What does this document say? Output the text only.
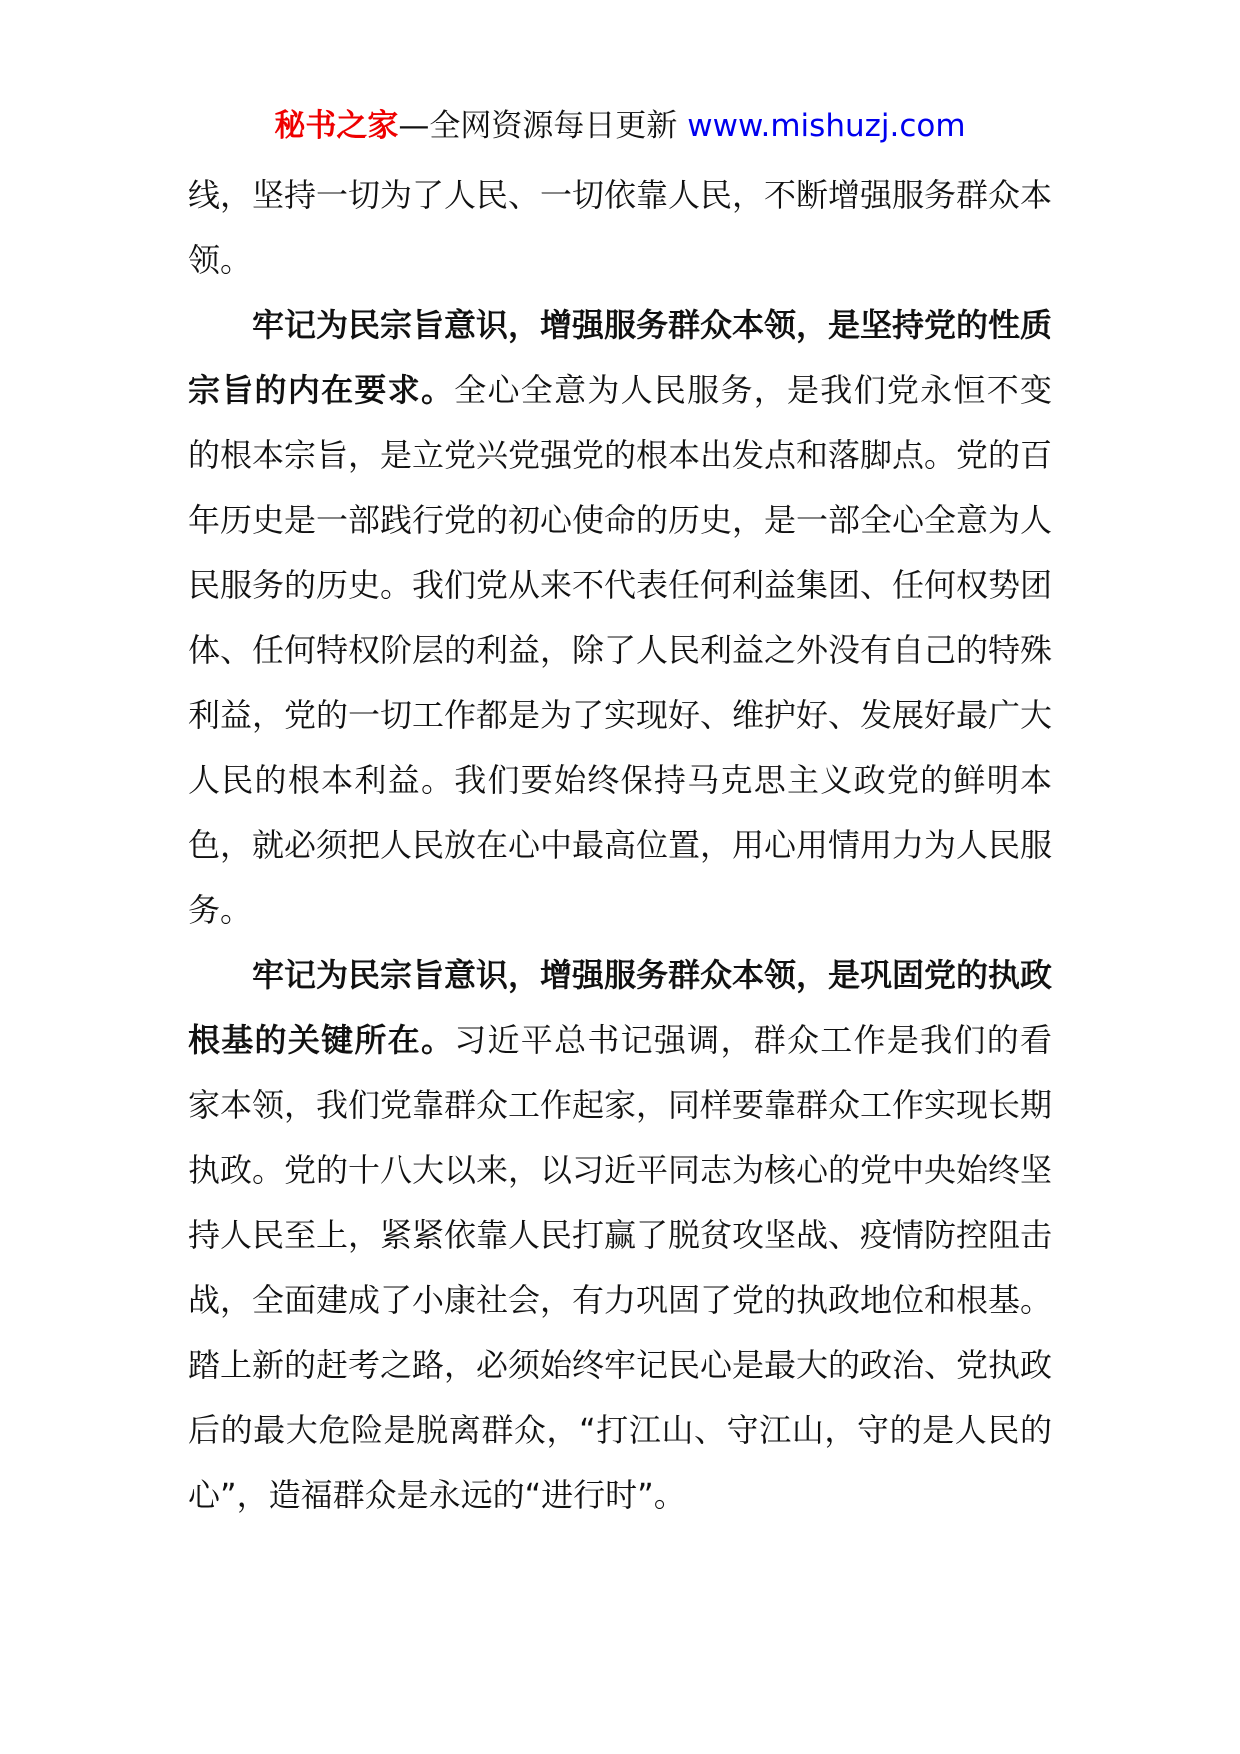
秘书之家—全网资源每日更新 www.mishuzj.com

线，坚持一切为了人民、一切依靠人民，不断增强服务群众本领。

牢记为民宗旨意识，增强服务群众本领，是坚持党的性质宗旨的内在要求。全心全意为人民服务，是我们党永恒不变的根本宗旨，是立党兴党强党的根本出发点和落脚点。党的百年历史是一部践行党的初心使命的历史，是一部全心全意为人民服务的历史。我们党从来不代表任何利益集团、任何权势团体、任何特权阶层的利益，除了人民利益之外没有自己的特殊利益，党的一切工作都是为了实现好、维护好、发展好最广大人民的根本利益。我们要始终保持马克思主义政党的鲜明本色，就必须把人民放在心中最高位置，用心用情用力为人民服务。

牢记为民宗旨意识，增强服务群众本领，是巩固党的执政根基的关键所在。习近平总书记强调，群众工作是我们的看家本领，我们党靠群众工作起家，同样要靠群众工作实现长期执政。党的十八大以来，以习近平同志为核心的党中央始终坚持人民至上，紧紧依靠人民打赢了脱贫攻坚战、疫情防控阻击战，全面建成了小康社会，有力巩固了党的执政地位和根基。踏上新的赶考之路，必须始终牢记民心是最大的政治、党执政后的最大危险是脱离群众，“打江山、守江山，守的是人民的心”，造福群众是永远的“进行时”。
